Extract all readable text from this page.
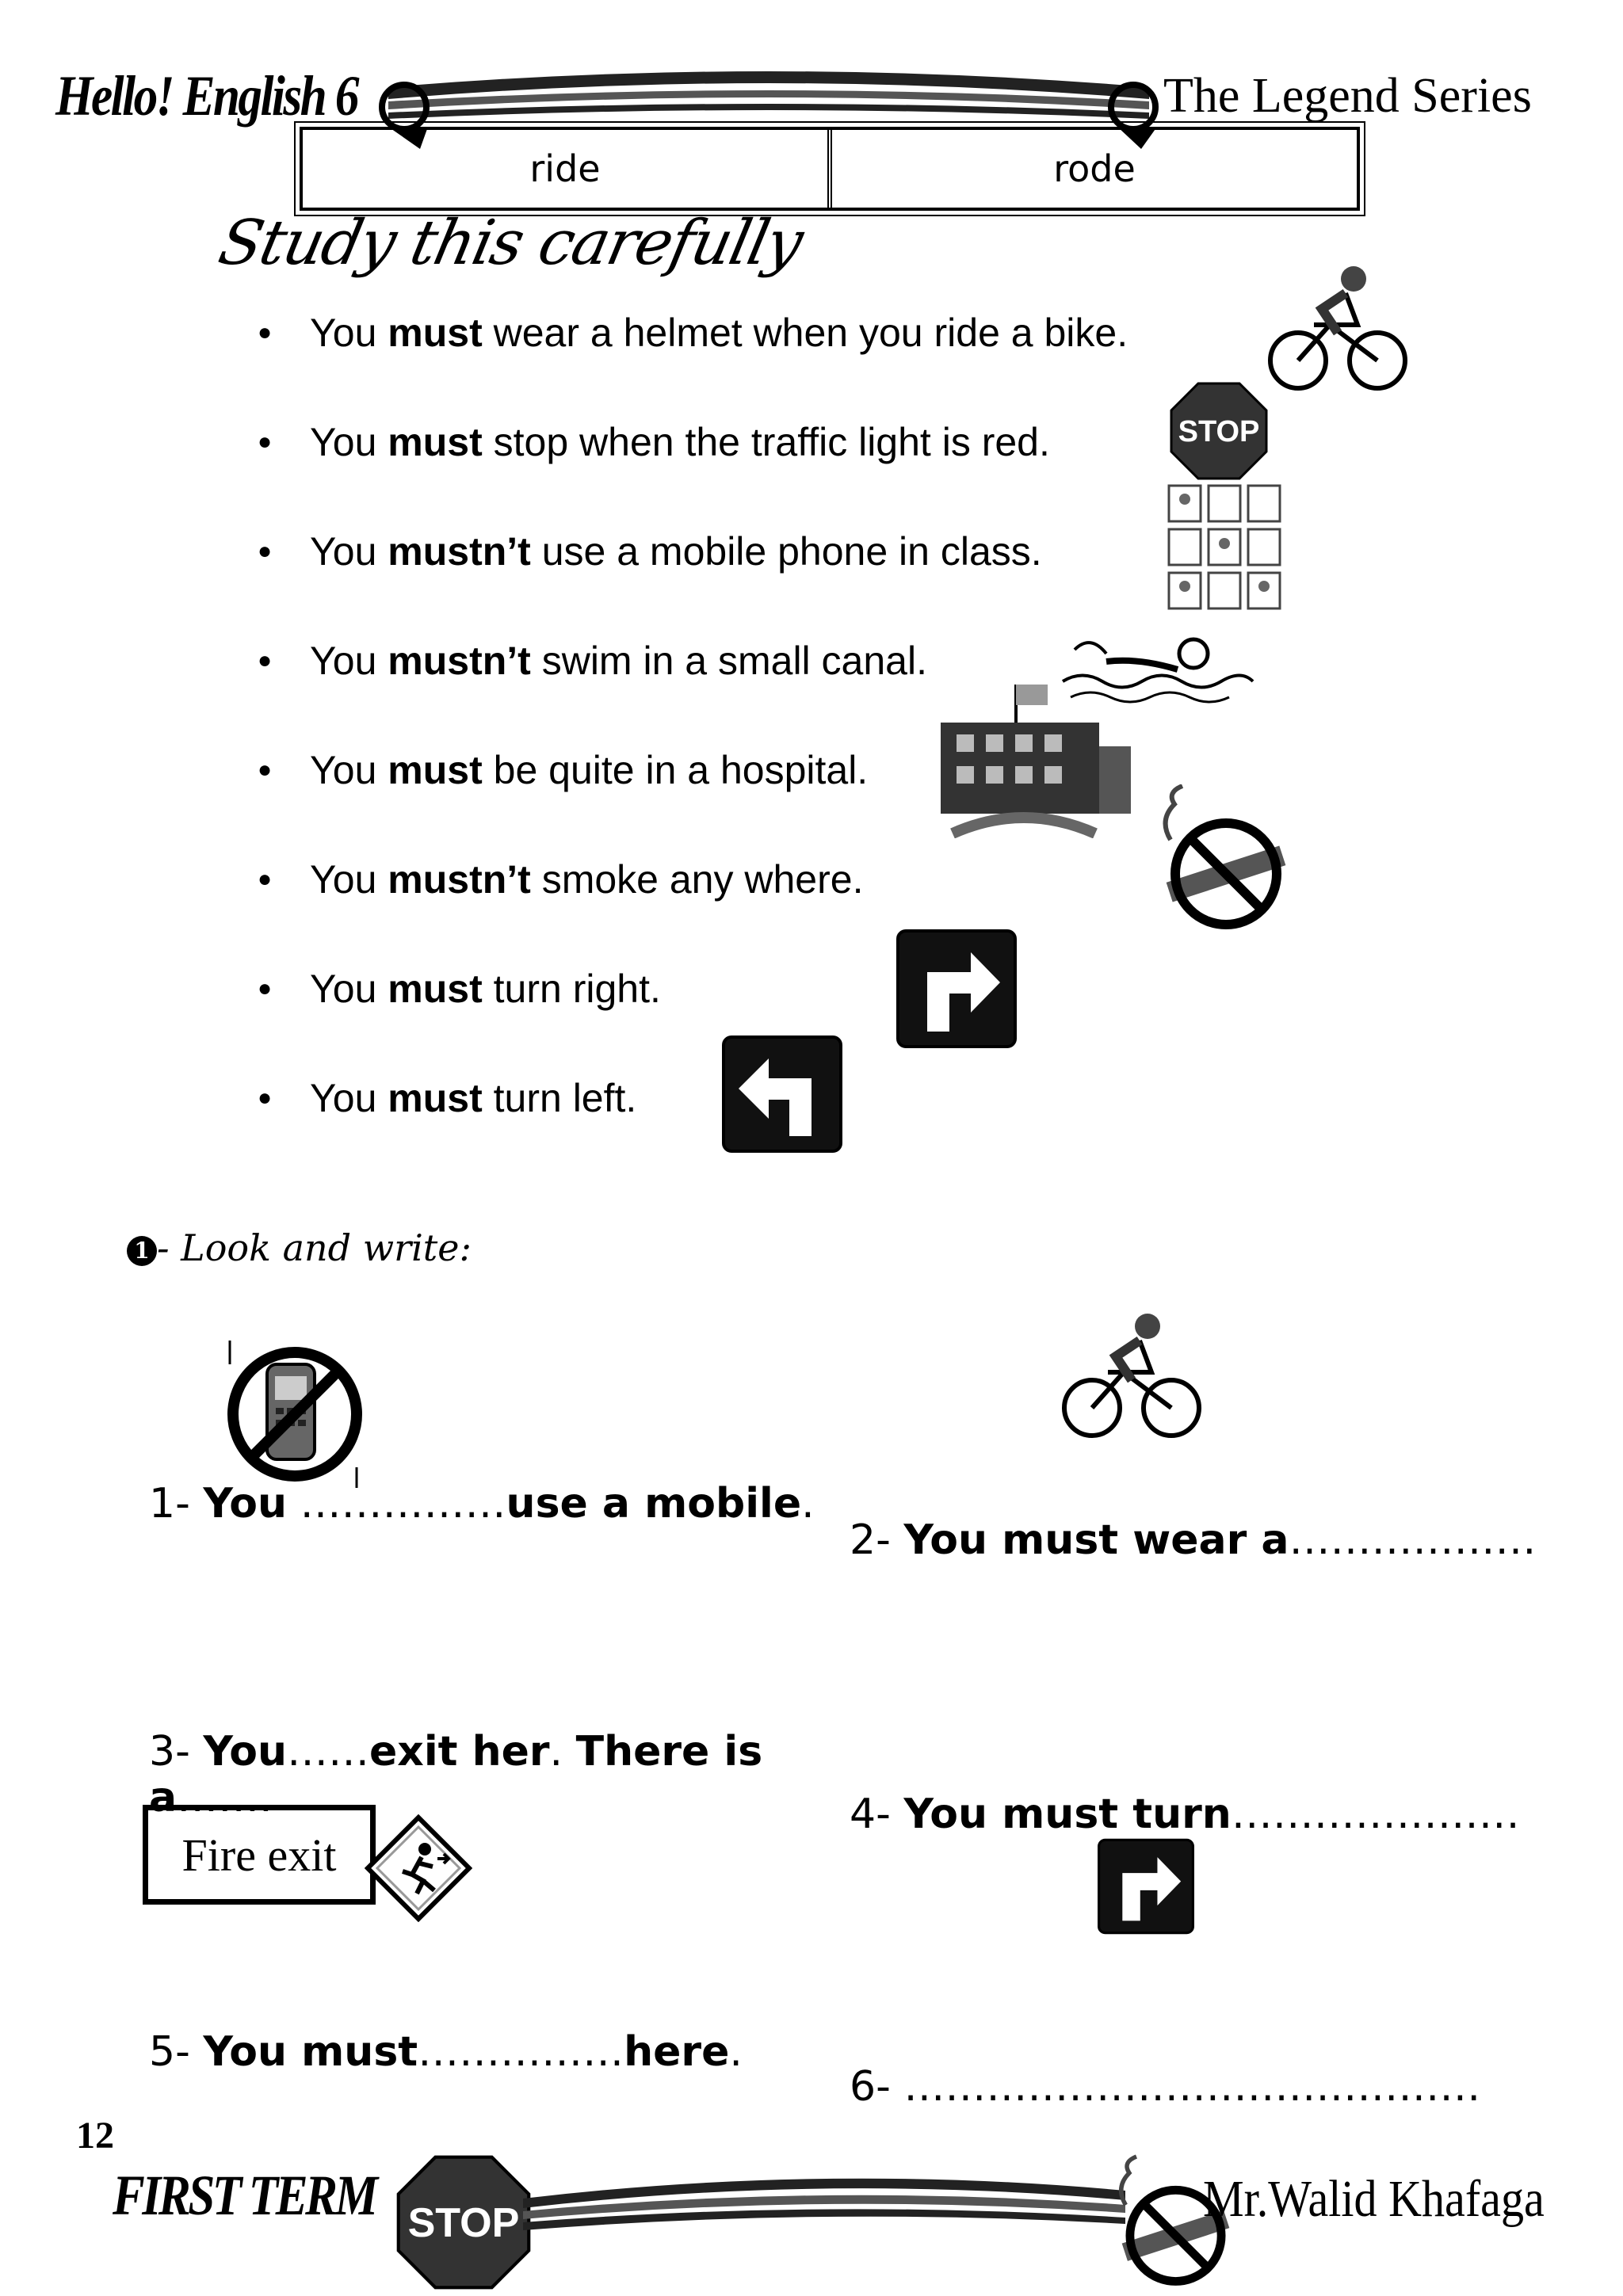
Hello! English 6	The Legend Series
ride	rode
Study this carefully
● You must wear a helmet when you ride a bike.
● You must stop when the traffic light is red.
● You mustn’t use a mobile phone in class.
● You mustn’t swim in a small canal.
● You must be quite in a hospital.
● You mustn’t smoke any where.
● You must turn right.
● You must turn left.
STOP
1 - Look and write:
1- You ……………use a mobile.
2- You must wear a………………
3- You……exit her. There is
a…….
Fire exit
4- You must turn…………………
5- You must……………here.
6- ……………………………………
12
FIRST TERM STOP	Mr.Walid Khafaga
